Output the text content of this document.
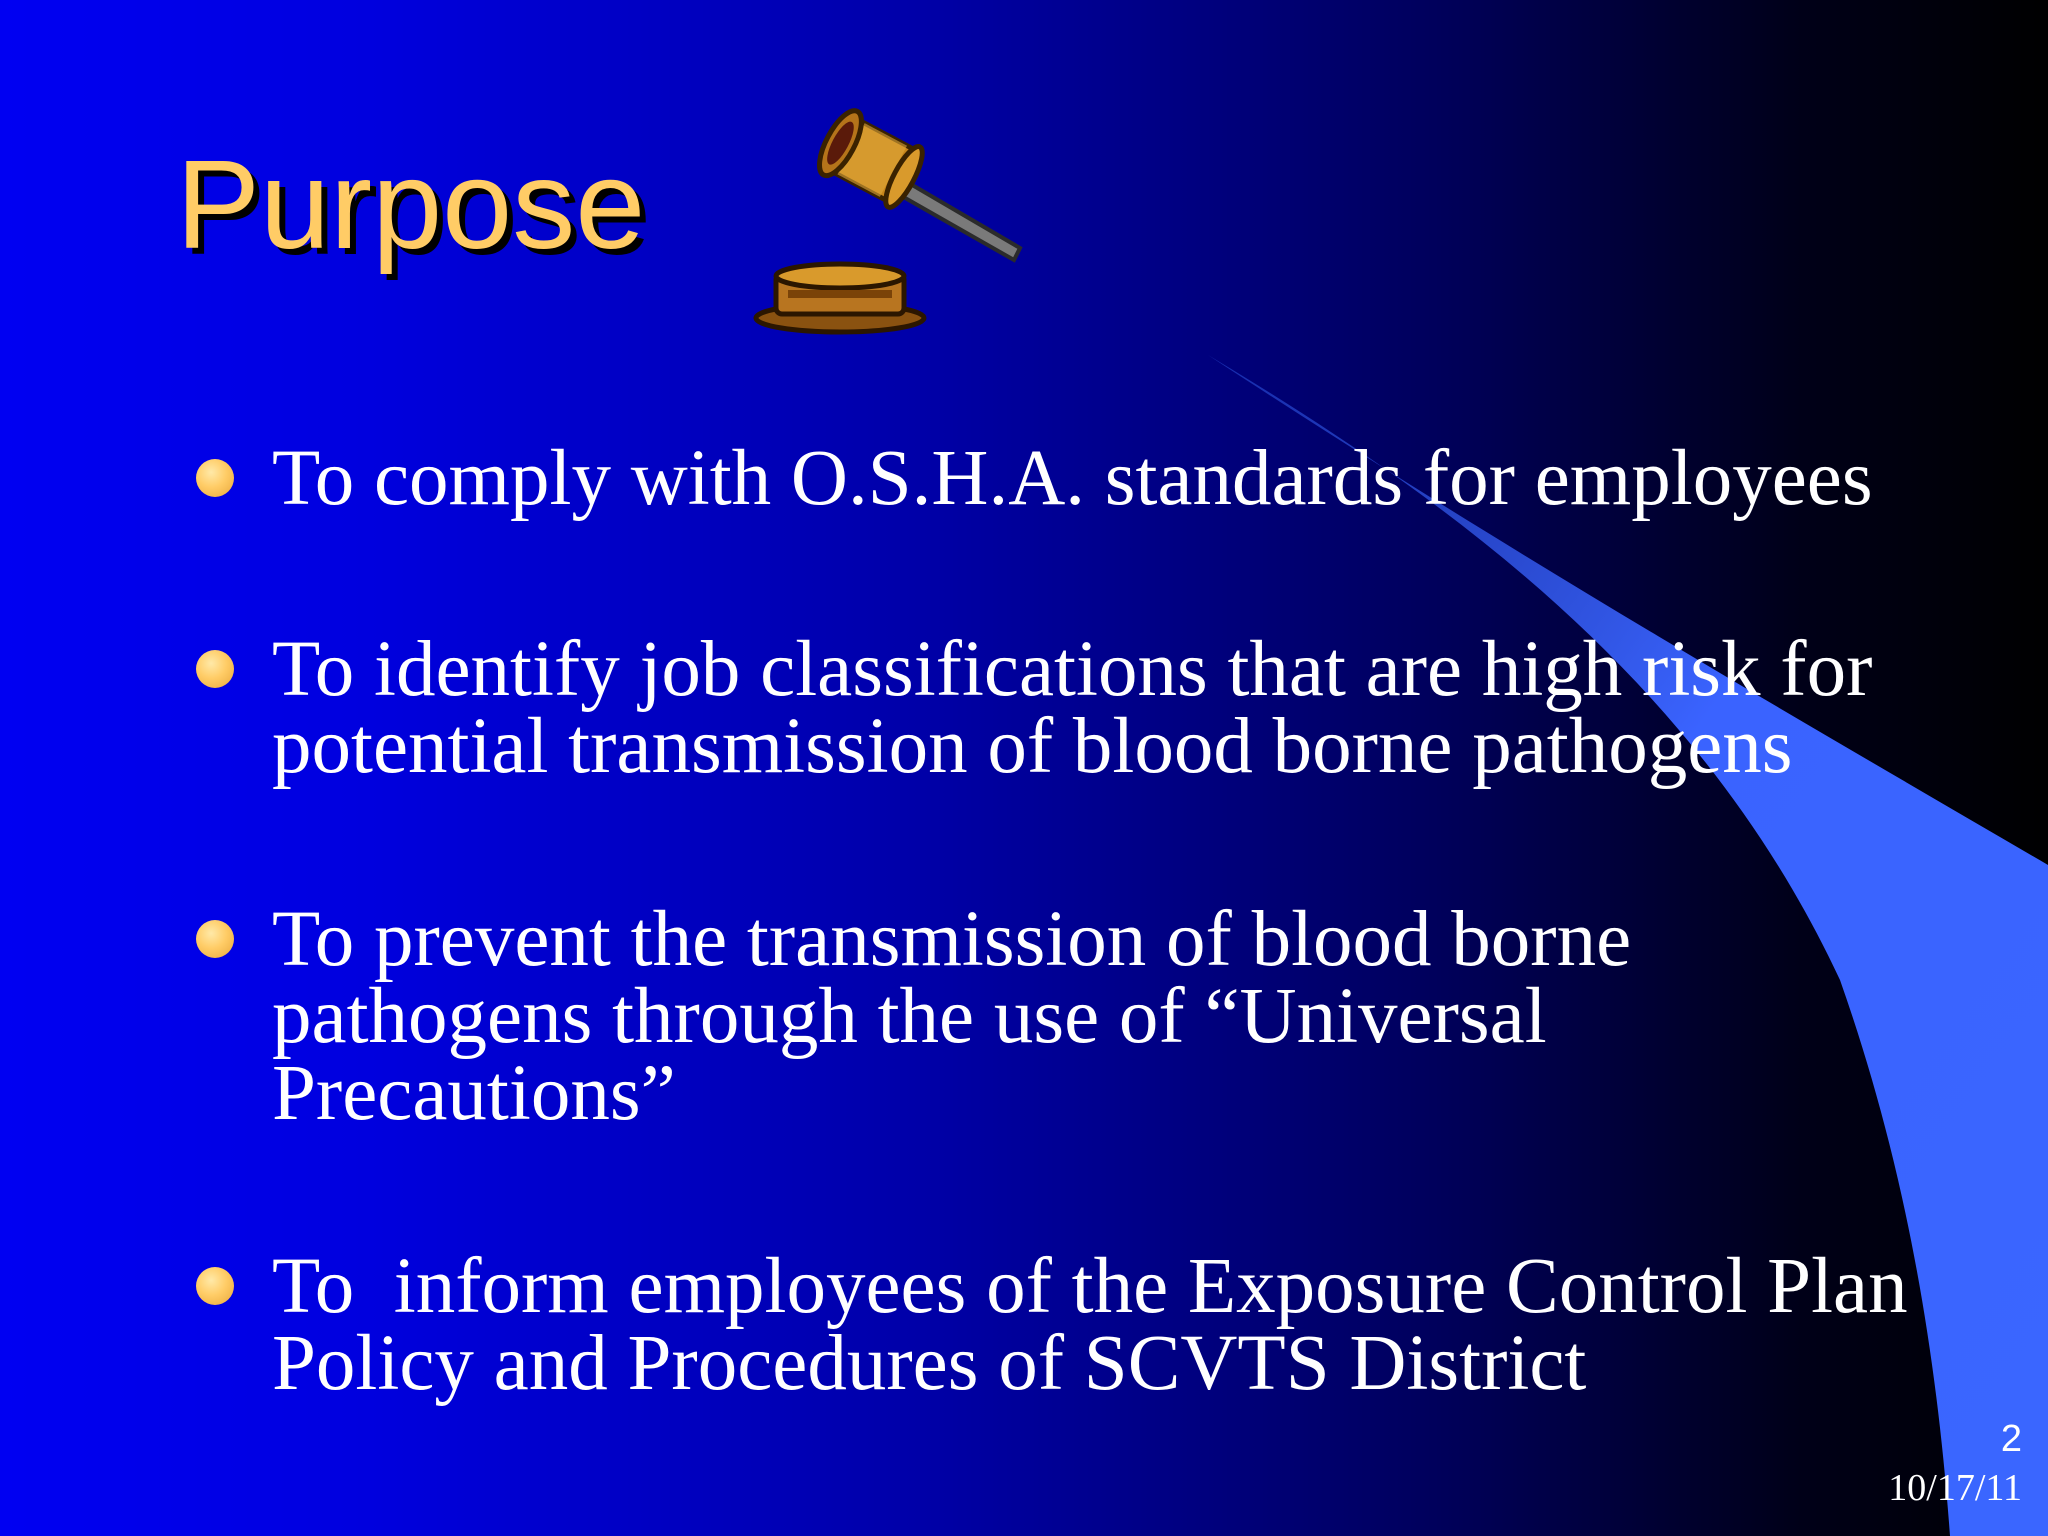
Purpose
To comply with O.S.H.A. standards for employees
To identify job classifications that are high risk for potential transmission of blood borne pathogens
To prevent the transmission of blood borne pathogens through the use of “Universal Precautions”
To  inform employees of the Exposure Control Plan Policy and Procedures of SCVTS District
2
10/17/11
